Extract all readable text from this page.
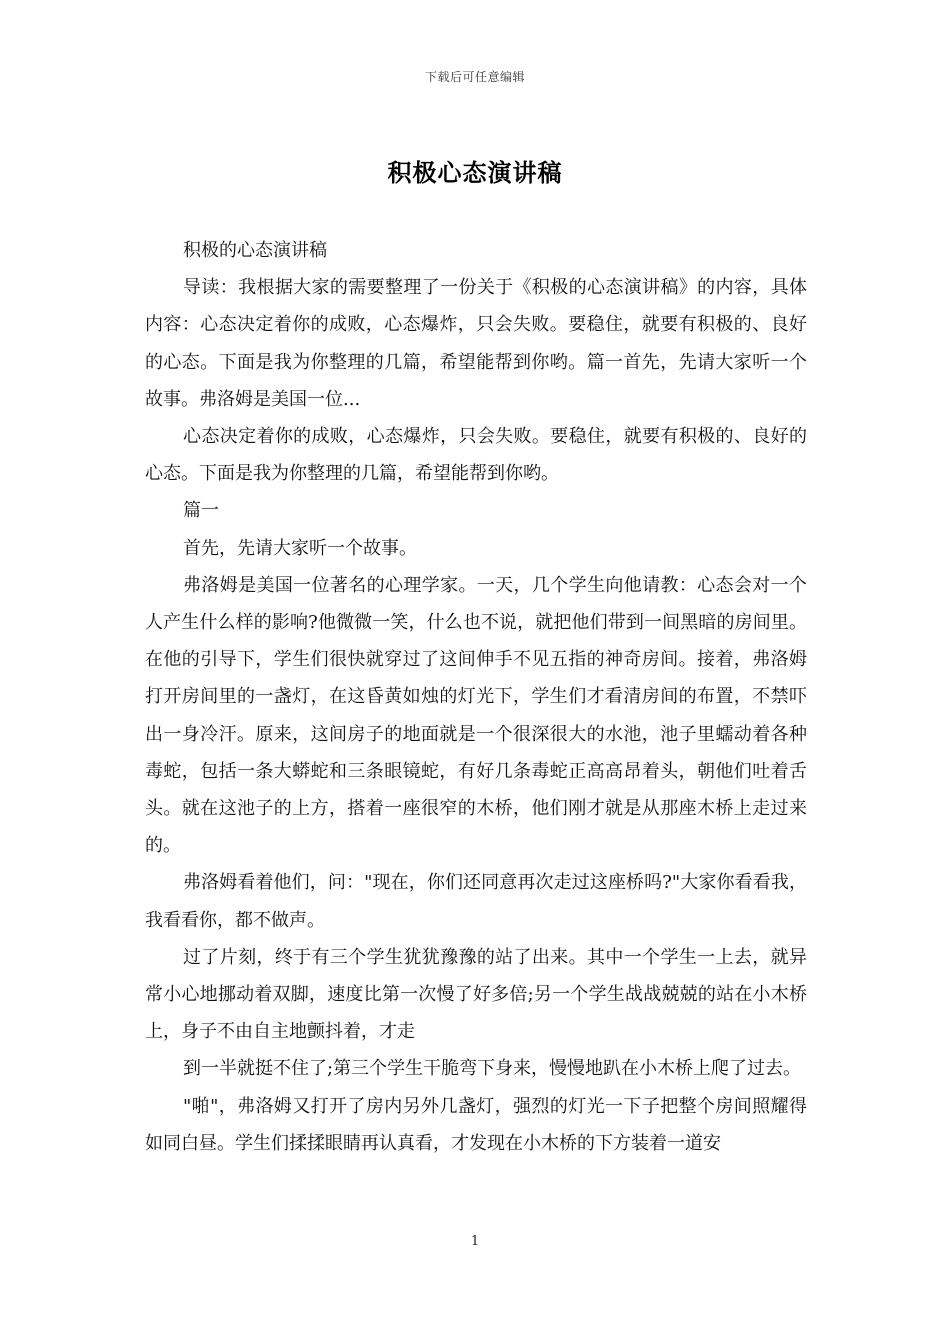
下载后可任意编辑
积极心态演讲稿

积极的心态演讲稿

导读：我根据大家的需要整理了一份关于《积极的心态演讲稿》的内容，具体内容：心态决定着你的成败，心态爆炸，只会失败。要稳住，就要有积极的、良好的心态。下面是我为你整理的几篇，希望能帮到你哟。篇一首先，先请大家听一个故事。弗洛姆是美国一位...

心态决定着你的成败，心态爆炸，只会失败。要稳住，就要有积极的、良好的心态。下面是我为你整理的几篇，希望能帮到你哟。

篇一

首先，先请大家听一个故事。

弗洛姆是美国一位著名的心理学家。一天，几个学生向他请教：心态会对一个人产生什么样的影响?他微微一笑，什么也不说，就把他们带到一间黑暗的房间里。在他的引导下，学生们很快就穿过了这间伸手不见五指的神奇房间。接着，弗洛姆打开房间里的一盏灯，在这昏黄如烛的灯光下，学生们才看清房间的布置，不禁吓出一身冷汗。原来，这间房子的地面就是一个很深很大的水池，池子里蠕动着各种毒蛇，包括一条大蟒蛇和三条眼镜蛇，有好几条毒蛇正高高昂着头，朝他们吐着舌头。就在这池子的上方，搭着一座很窄的木桥，他们刚才就是从那座木桥上走过来的。

弗洛姆看着他们，问："现在，你们还同意再次走过这座桥吗?"大家你看看我，我看看你，都不做声。

过了片刻，终于有三个学生犹犹豫豫的站了出来。其中一个学生一上去，就异常小心地挪动着双脚，速度比第一次慢了好多倍;另一个学生战战兢兢的站在小木桥上，身子不由自主地颤抖着，才走

到一半就挺不住了;第三个学生干脆弯下身来，慢慢地趴在小木桥上爬了过去。

"啪"，弗洛姆又打开了房内另外几盏灯，强烈的灯光一下子把整个房间照耀得如同白昼。学生们揉揉眼睛再认真看，才发现在小木桥的下方装着一道安

1
